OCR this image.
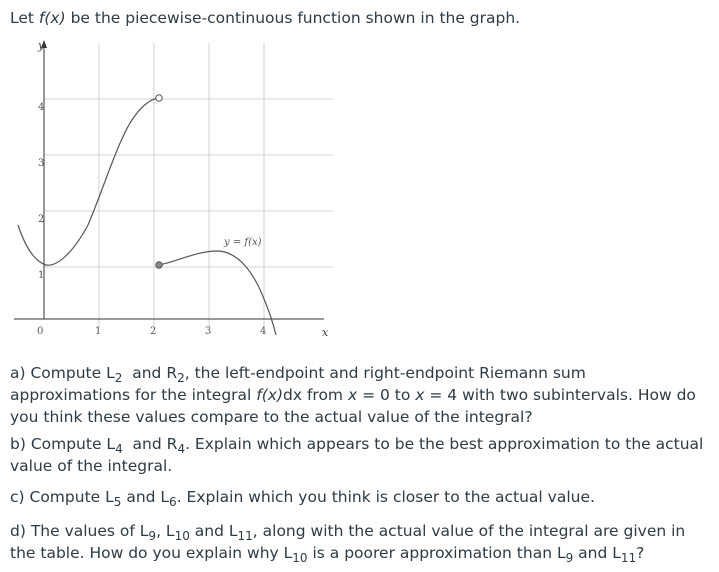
Let f(x) be the piecewise-continuous function shown in the graph.
y
x
4
3
2
1
0	1	2	3	4
y = f(x)
a) Compute $L_2$  and $R_2$, the left-endpoint and right-endpoint Riemann sum approximations for the integral f(x)dx from x = 0 to x = 4 with two subintervals. How do you think these values compare to the actual value of the integral?
b) Compute $L_4$  and $R_4$. Explain which appears to be the best approximation to the actual value of the integral.
c) Compute $L_5$ and $L_6$. Explain which you think is closer to the actual value.
d) The values of $L_9$, $L_{10}$ and $L_{11}$, along with the actual value of the integral are given in the table. How do you explain why $L_{10}$ is a poorer approximation than $L_9$ and $L_{11}$?
